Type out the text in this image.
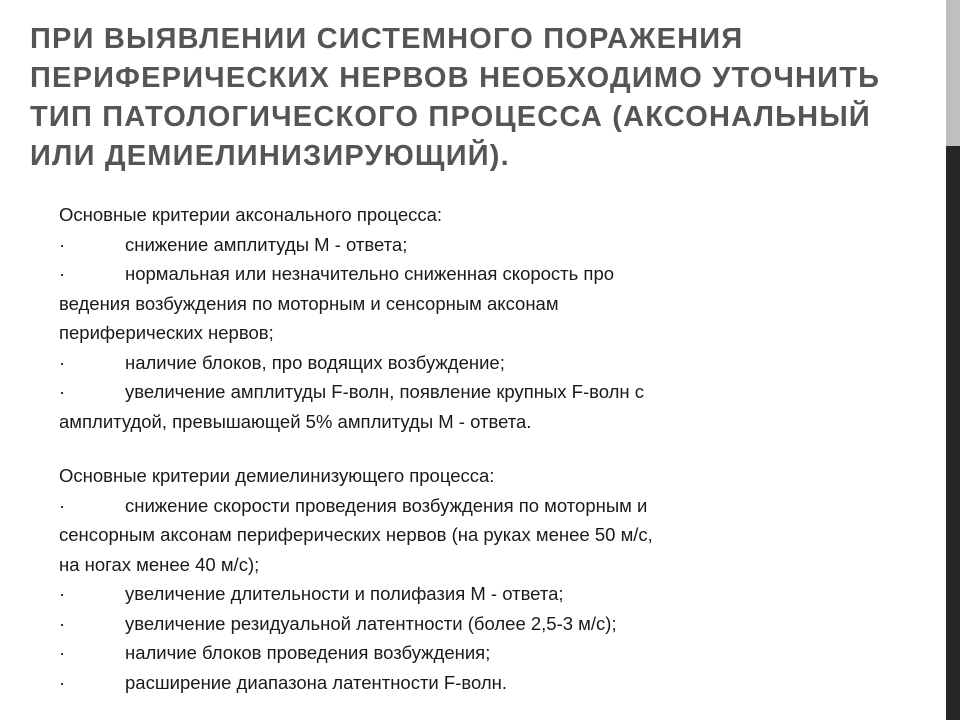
ПРИ ВЫЯВЛЕНИИ СИСТЕМНОГО ПОРАЖЕНИЯ ПЕРИФЕРИЧЕСКИХ НЕРВОВ НЕОБХОДИМО УТОЧНИТЬ ТИП ПАТОЛОГИЧЕСКОГО ПРОЦЕССА (АКСОНАЛЬНЫЙ ИЛИ ДЕМИЕЛИНИЗИРУЮЩИЙ).

Основные критерии аксонального процесса:

·	снижение амплитуды М - ответа;
·	нормальная или незначительно сниженная скорость про

ведения возбуждения по моторным и сенсорным аксонам

периферических нервов;

·	наличие блоков, про водящих возбуждение;
·	увеличение амплитуды F-волн, появление крупных F-волн с

амплитудой, превышающей 5% амплитуды М - ответа.

Основные критерии демиелинизующего процесса:

·	снижение скорости проведения возбуждения по моторным и

сенсорным аксонам периферических нервов (на руках менее 50 м/с,

на ногах менее 40 м/с);

·	увеличение длительности и полифазия М - ответа;
·	увеличение резидуальной латентности (более 2,5-3 м/с);
·	наличие блоков проведения возбуждения;
·	расширение диапазона латентности F-волн.
